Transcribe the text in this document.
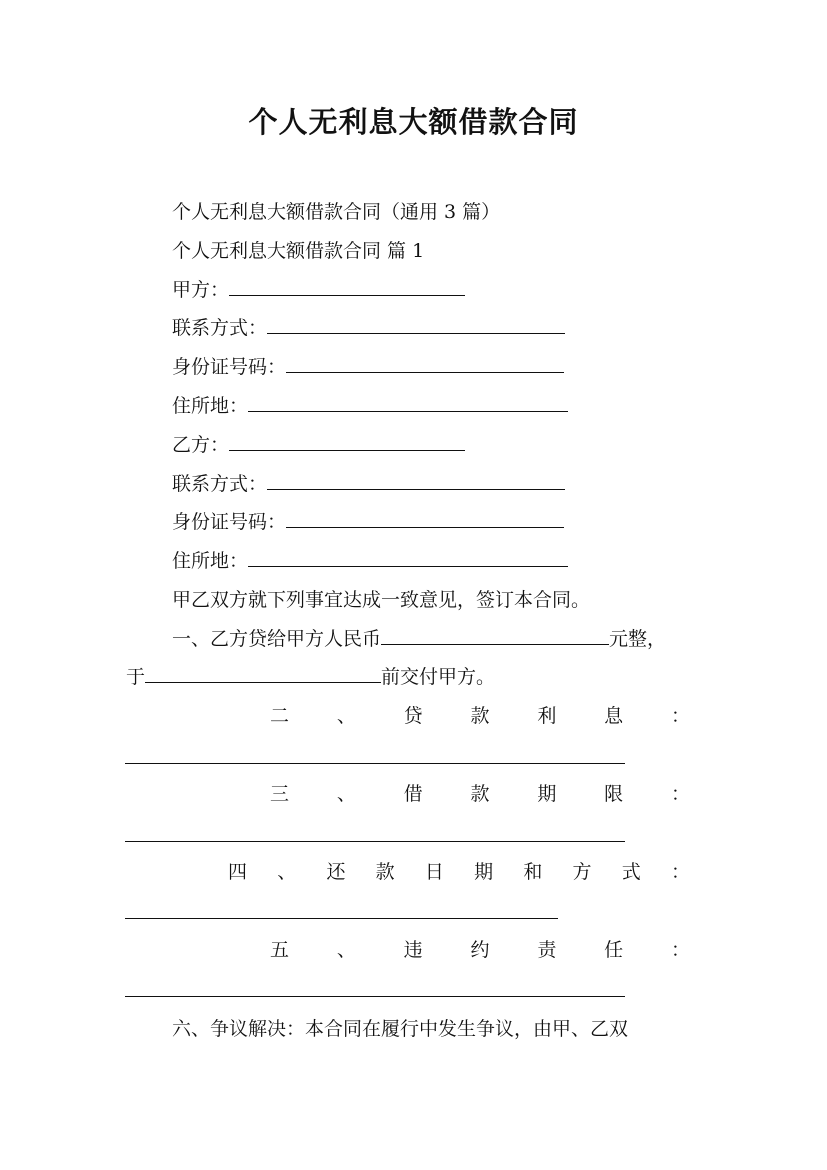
个人无利息大额借款合同
个人无利息大额借款合同（通用 3 篇）
个人无利息大额借款合同 篇 1
甲方：
联系方式：
身份证号码：
住所地：
乙方：
联系方式：
身份证号码：
住所地：
甲乙双方就下列事宜达成一致意见，签订本合同。
一、乙方贷给甲方人民币	元整，
于	前交付甲方。
二	、	贷	款	利	息	：
三	、	借	款	期	限	：
四 、 还 款 日 期 和 方 式 ：
五	、	违	约	责	任	：
六、争议解决：本合同在履行中发生争议，由甲、乙双
